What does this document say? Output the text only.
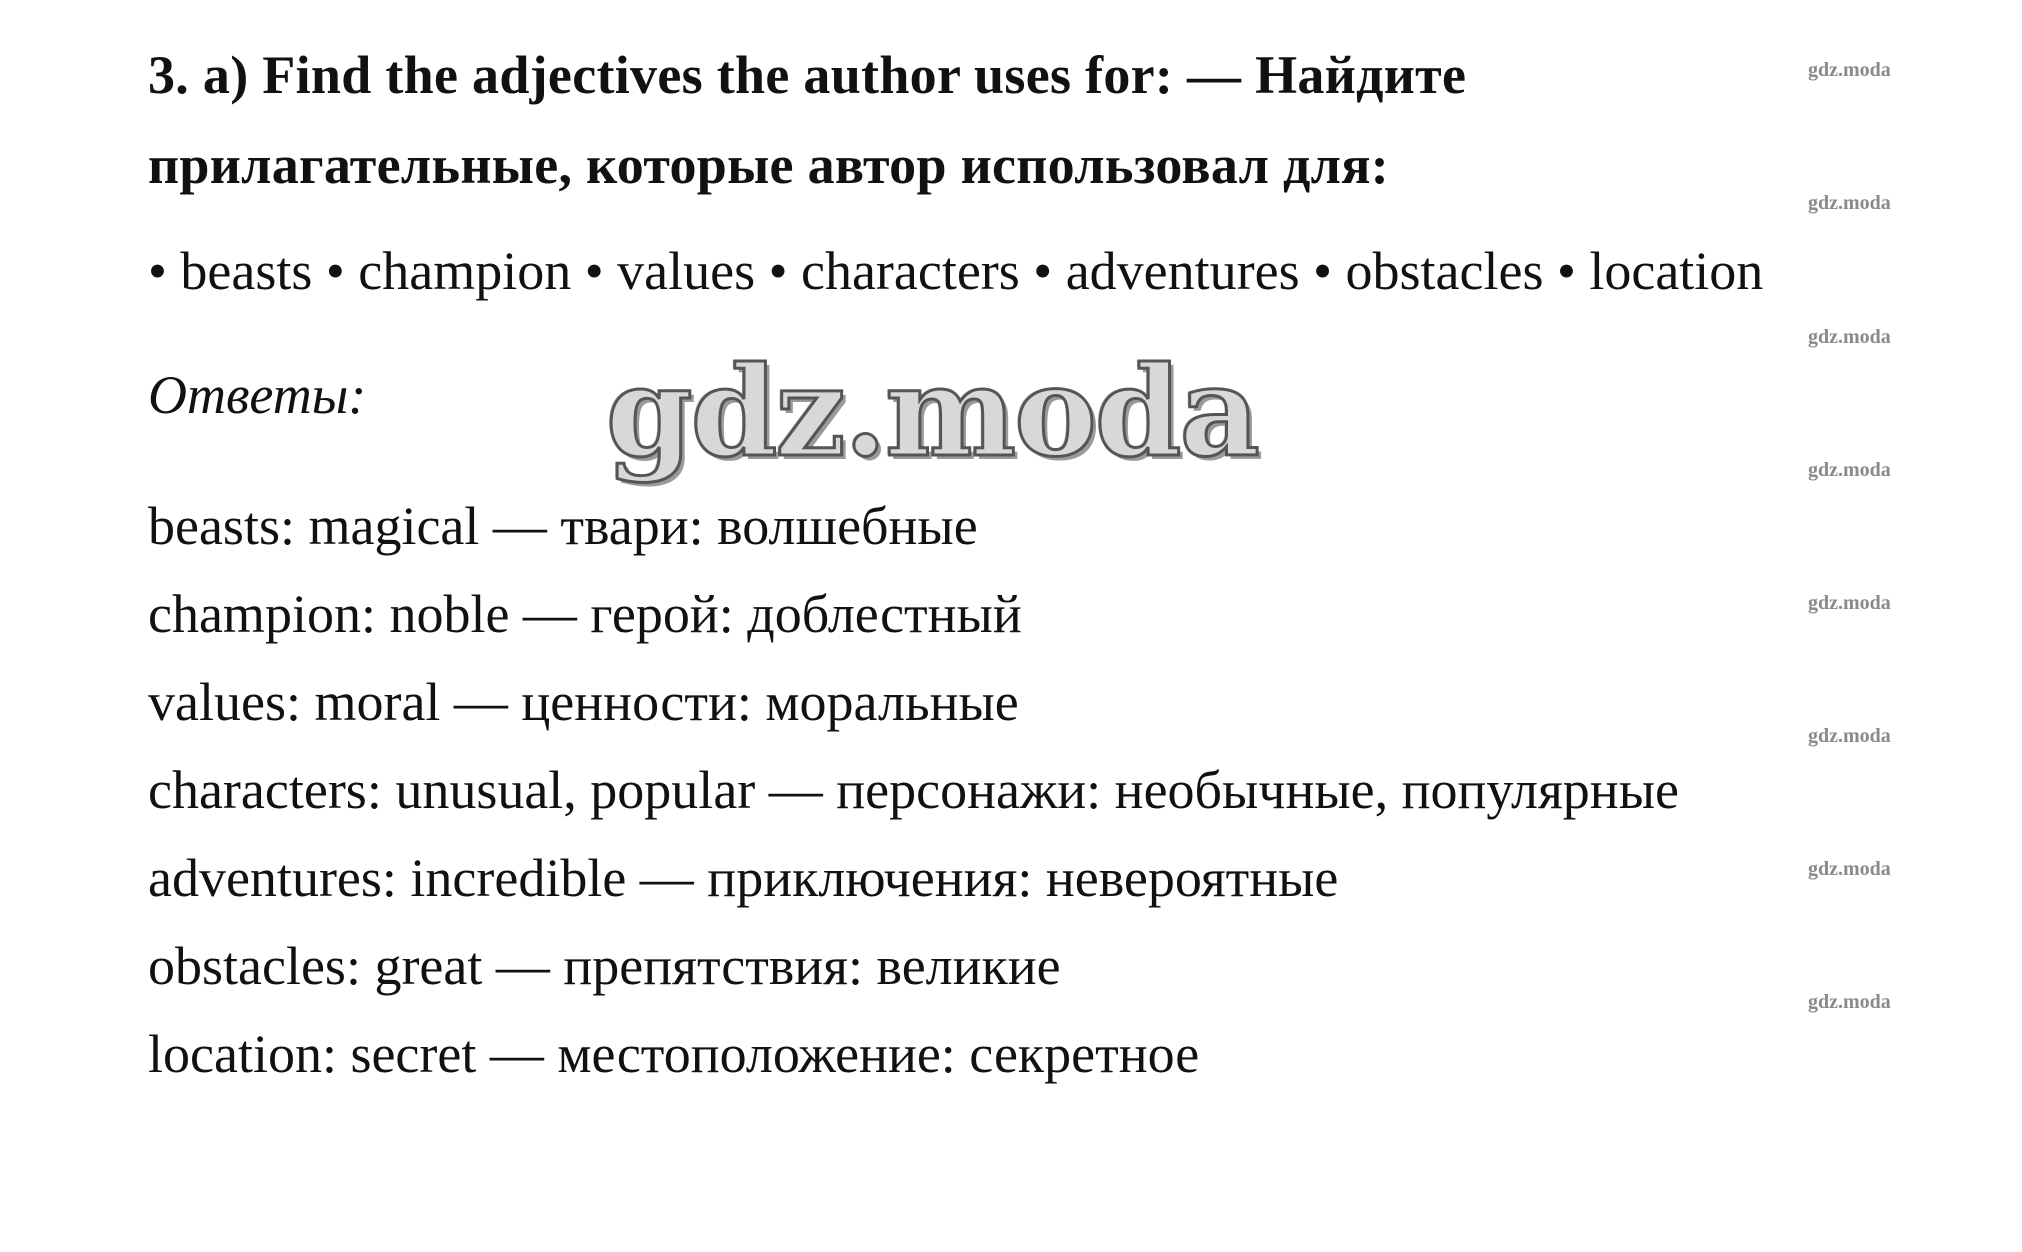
3. a) Find the adjectives the author uses for: — Найдите прилагательные, которые автор использовал для:

• beasts • champion • values • characters • adventures • obstacles • location

Ответы:

beasts: magical — твари: волшебные
champion: noble — герой: доблестный
values: moral — ценности: моральные
characters: unusual, popular — персонажи: необычные, популярные
adventures: incredible — приключения: невероятные
obstacles: great — препятствия: великие
location: secret — местоположение: секретное
gdz.moda
gdz.moda
gdz.moda
gdz.moda
gdz.moda
gdz.moda
gdz.moda
gdz.moda
gdz.moda
